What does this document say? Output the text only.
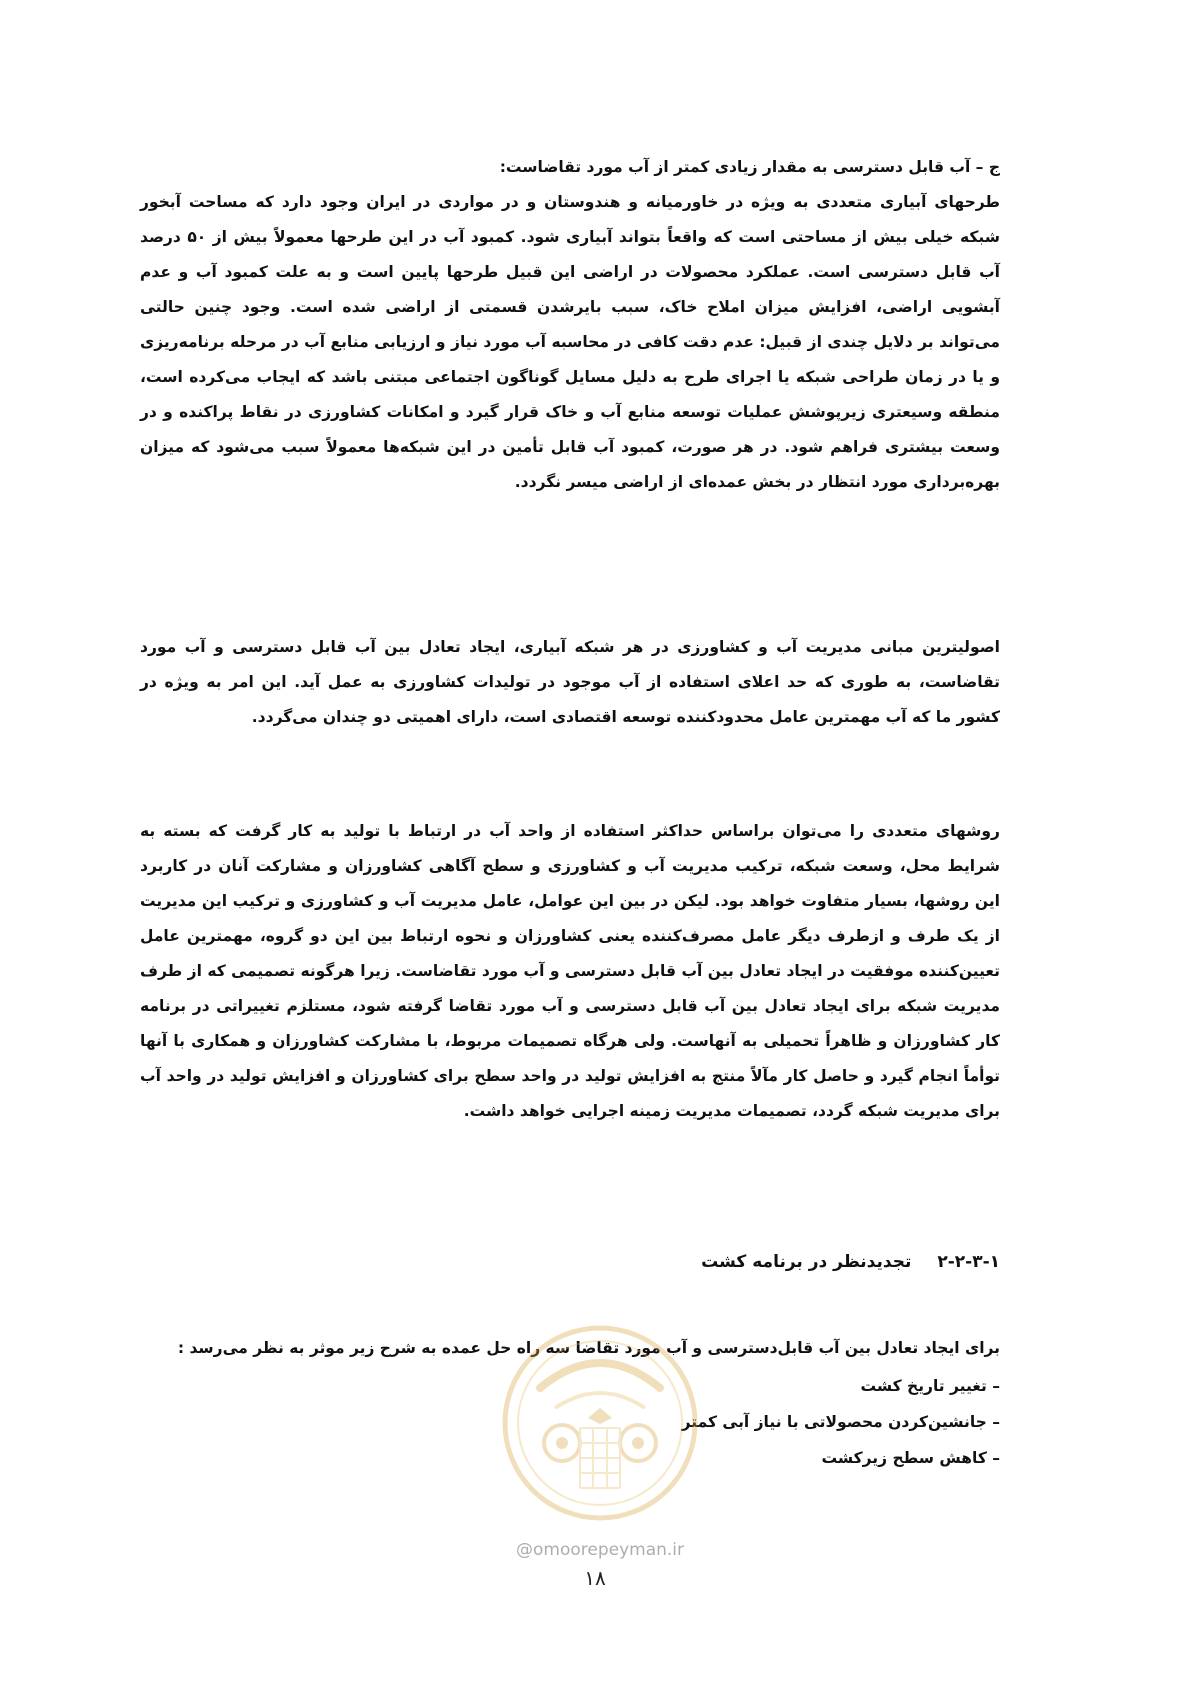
ج – آب قابل دسترسی به مقدار زیادی کمتر از آب مورد تقاضاست:
طرحهای آبیاری متعددی به ویژه در خاورمیانه و هندوستان و در مواردی در ایران وجود دارد که مساحت آبخور شبکه خیلی بیش از مساحتی است که واقعاً بتواند آبیاری شود. کمبود آب در این طرحها معمولاً بیش از ۵۰ درصد آب قابل دسترسی است. عملکرد محصولات در اراضی این قبیل طرحها پایین است و به علت کمبود آب و عدم آبشویی اراضی، افزایش میزان املاح خاک، سبب بایرشدن قسمتی از اراضی شده است. وجود چنین حالتی می‌تواند بر دلایل چندی از قبیل: عدم دقت کافی در محاسبه آب مورد نیاز و ارزیابی منابع آب در مرحله برنامه‌ریزی و یا در زمان طراحی شبکه یا اجرای طرح به دلیل مسایل گوناگون اجتماعی مبتنی باشد که ایجاب می‌کرده است، منطقه وسیعتری زیرپوشش عملیات توسعه منابع آب و خاک قرار گیرد و امکانات کشاورزی در نقاط پراکنده و در وسعت بیشتری فراهم شود. در هر صورت، کمبود آب قابل تأمین در این شبکه‌ها معمولاً سبب می‌شود که میزان بهره‌برداری مورد انتظار در بخش عمده‌ای از اراضی میسر نگردد.
اصولیترین مبانی مدیریت آب و کشاورزی در هر شبکه آبیاری، ایجاد تعادل بین آب قابل دسترسی و آب مورد تقاضاست، به طوری که حد اعلای استفاده از آب موجود در تولیدات کشاورزی به عمل آید. این امر به ویژه در کشور ما که آب مهمترین عامل محدودکننده توسعه اقتصادی است، دارای اهمیتی دو چندان می‌گردد.
روشهای متعددی را می‌توان براساس حداکثر استفاده از واحد آب در ارتباط با تولید به کار گرفت که بسته به شرایط محل، وسعت شبکه، ترکیب مدیریت آب و کشاورزی و سطح آگاهی کشاورزان و مشارکت آنان در کاربرد این روشها، بسیار متفاوت خواهد بود. لیکن در بین این عوامل، عامل مدیریت آب و کشاورزی و ترکیب این مدیریت از یک طرف و ازطرف دیگر عامل مصرف‌کننده یعنی کشاورزان و نحوه ارتباط بین این دو گروه، مهمترین عامل تعیین‌کننده موفقیت در ایجاد تعادل بین آب قابل دسترسی و آب مورد تقاضاست. زیرا هرگونه تصمیمی که از طرف مدیریت شبکه برای ایجاد تعادل بین آب قابل دسترسی و آب مورد تقاضا گرفته شود، مستلزم تغییراتی در برنامه کار کشاورزان و ظاهراً تحمیلی به آنهاست. ولی هرگاه تصمیمات مربوط، با مشارکت کشاورزان و همکاری با آنها توأماً انجام گیرد و حاصل کار مآلاً منتج به افزایش تولید در واحد سطح برای کشاورزان و افزایش تولید در واحد آب برای مدیریت شبکه گردد، تصمیمات مدیریت زمینه اجرایی خواهد داشت.
۲-۲-۳-۱تجدیدنظر در برنامه کشت
برای ایجاد تعادل بین آب قابل‌دسترسی و آب مورد تقاضا سه راه حل عمده به شرح زیر موثر به نظر می‌رسد :
– تغییر تاریخ کشت
– جانشین‌کردن محصولاتی با نیاز آبی کمتر
– کاهش سطح زیرکشت
@omoorepeyman.ir
۱۸
